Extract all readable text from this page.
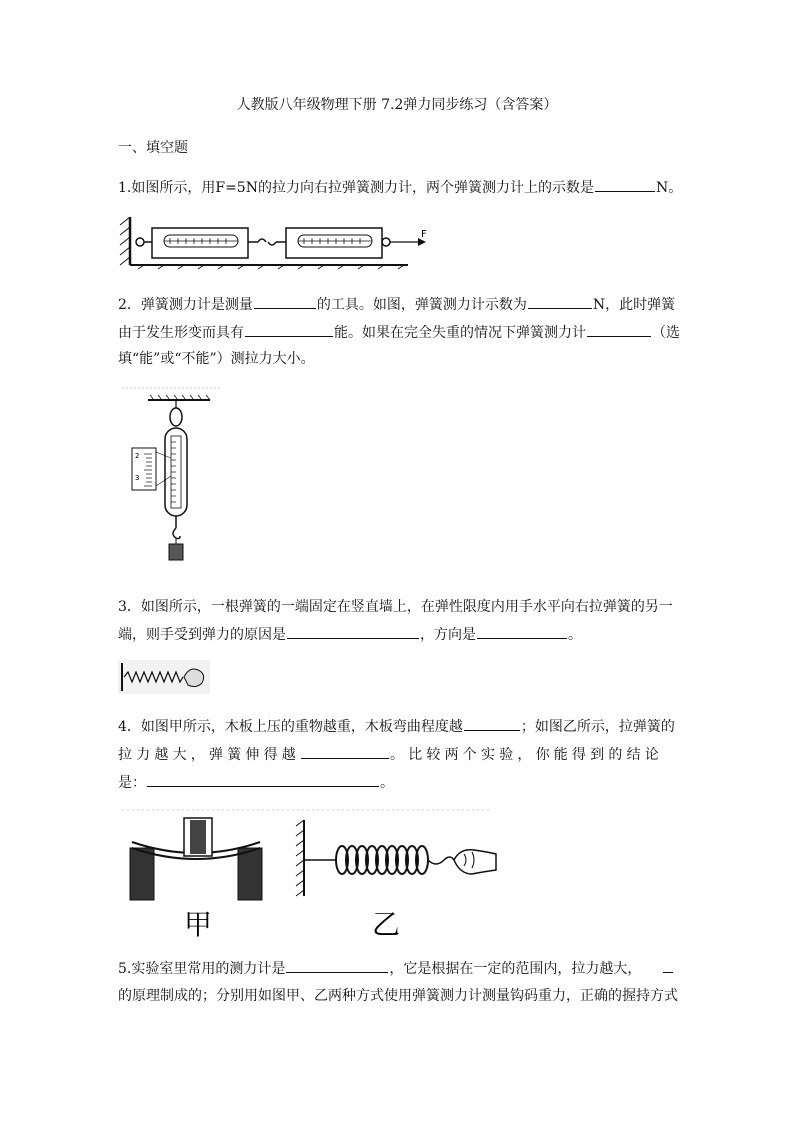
人教版八年级物理下册 7.2弹力同步练习（含答案）
一、填空题
1.如图所示，用F=5N的拉力向右拉弹簧测力计，两个弹簧测力计上的示数是	N。
F
2．弹簧测力计是测量	的工具。如图，弹簧测力计示数为	N，此时弹簧
由于发生形变而具有	能。如果在完全失重的情况下弹簧测力计	（选
填“能”或“不能”）测拉力大小。
2
3
3．如图所示，一根弹簧的一端固定在竖直墙上，在弹性限度内用手水平向右拉弹簧的另一
端，则手受到弹力的原因是	，方向是	。
4．如图甲所示，木板上压的重物越重，木板弯曲程度越	；如图乙所示，拉弹簧的
拉力越大，弹簧伸得越	。比较两个实验，你能得到的结论
是：	。
甲	乙
5.实验室里常用的测力计是	，它是根据在一定的范围内，拉力越大，
的原理制成的；分别用如图甲、乙两种方式使用弹簧测力计测量钩码重力，正确的握持方式
